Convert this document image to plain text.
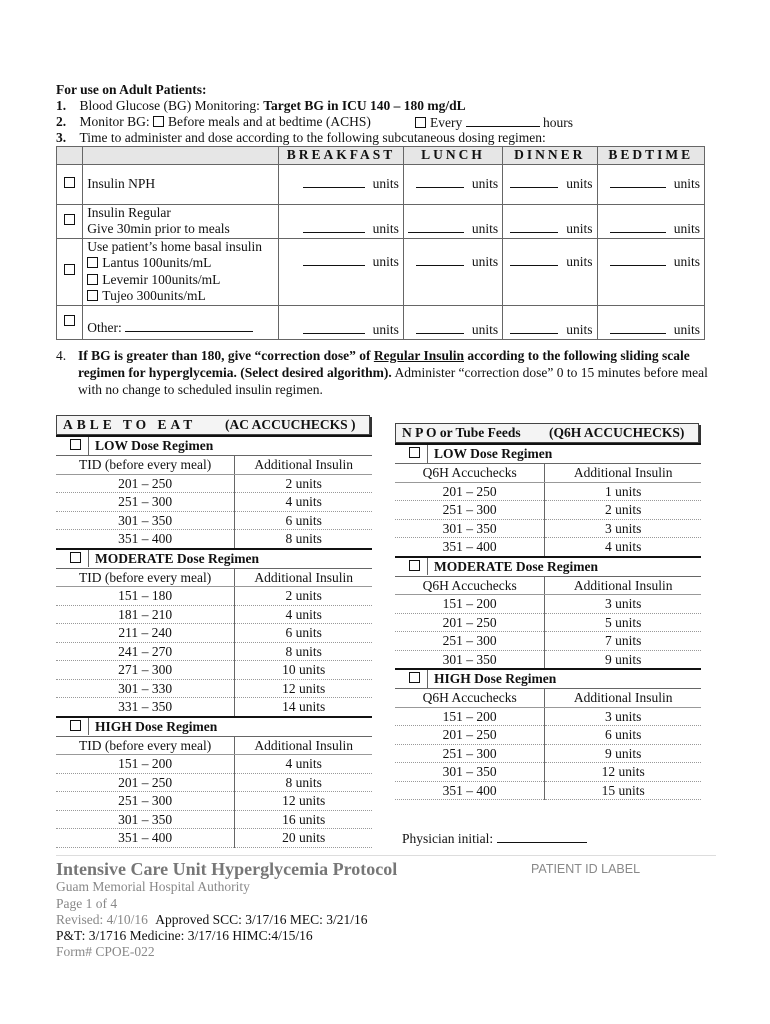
For use on Adult Patients:
1. Blood Glucose (BG) Monitoring: Target BG in ICU 140 – 180 mg/dL
2. Monitor BG: Before meals and at bedtime (ACHS)	Every	hours
3. Time to administer and dose according to the following subcutaneous dosing regimen:
		BREAKFAST	LUNCH	DINNER	BEDTIME
	Insulin NPH	units	units	units	units

	Insulin Regular
Give 30min prior to meals	units	units	units	units

	Use patient’s home basal insulin
Lantus 100units/mL
Levemir 100units/mL
Tujeo 300units/mL	units	units	units	units
	Other:	units	units	units	units
4. If BG is greater than 180, give “correction dose” of Regular Insulin according to the following sliding scale regimen for hyperglycemia. (Select desired algorithm). Administer “correction dose” 0 to 15 minutes before meal with no change to scheduled insulin regimen.
ABLE TO EAT (AC ACCUCHECKS )
LOW Dose Regimen	
TID (before every meal)	Additional Insulin
201 – 250	2 units
251 – 300	4 units
301 – 350	6 units
351 – 400	8 units
MODERATE Dose Regimen	
TID (before every meal)	Additional Insulin
151 – 180	2 units
181 – 210	4 units
211 – 240	6 units
241 – 270	8 units
271 – 300	10 units
301 – 330	12 units
331 – 350	14 units
HIGH Dose Regimen	
TID (before every meal)	Additional Insulin
151 – 200	4 units
201 – 250	8 units
251 – 300	12 units
301 – 350	16 units
351 – 400	20 units
N P O or Tube Feeds (Q6H ACCUCHECKS)
LOW Dose Regimen	
Q6H Accuchecks	Additional Insulin
201 – 250	1 units
251 – 300	2 units
301 – 350	3 units
351 – 400	4 units
MODERATE Dose Regimen	
Q6H Accuchecks	Additional Insulin
151 – 200	3 units
201 – 250	5 units
251 – 300	7 units
301 – 350	9 units
HIGH Dose Regimen	
Q6H Accuchecks	Additional Insulin
151 – 200	3 units
201 – 250	6 units
251 – 300	9 units
301 – 350	12 units
351 – 400	15 units
Physician initial:
Intensive Care Unit Hyperglycemia Protocol	PATIENT ID LABEL
Guam Memorial Hospital Authority
Page 1 of 4
Revised: 4/10/16 Approved SCC: 3/17/16 MEC: 3/21/16
P&T: 3/1716 Medicine: 3/17/16 HIMC:4/15/16
Form# CPOE-022
